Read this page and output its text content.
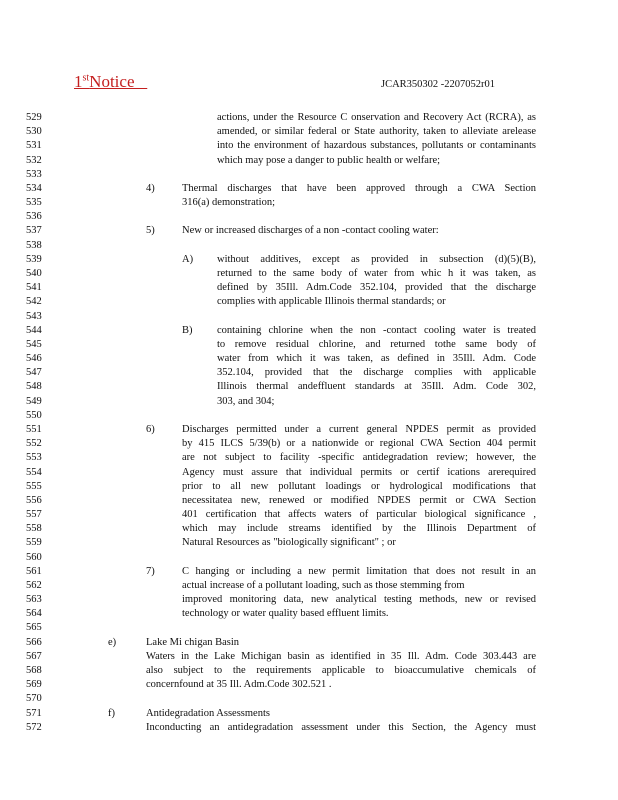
1stNotice	JCAR350302 -2207052r01
529	actions, under the Resource C onservation and Recovery Act (RCRA), as
530	amended, or similar federal or State authority, taken to alleviate arelease
531	into the environment of hazardous substances, pollutants or contaminants
532	which may pose a danger to public health or welfare;
533
534	4)	Thermal discharges that have been approved through a CWA Section
535	316(a) demonstration;
536
537	5)	New or increased discharges of a non -contact cooling water:
538
539	A) without additives, except as provided in subsection (d)(5)(B),
540	returned to the same body of water from whic h it was taken, as
541	defined by 35Ill. Adm.Code 352.104, provided that the discharge
542	complies with applicable Illinois thermal standards; or
543
544	B) containing chlorine when the non -contact cooling water is treated
545	to remove residual chlorine, and returned tothe same body of
546	water from which it was taken, as defined in 35Ill. Adm. Code
547	352.104, provided that the discharge complies with applicable
548	Illinois thermal andeffluent standards at 35Ill. Adm. Code 302,
549	303, and 304;
550
551	6)	Discharges permitted under a current general NPDES permit as provided
552	by 415 ILCS 5/39(b) or a nationwide or regional CWA Section 404 permit
553	are not subject to facility -specific antidegradation review; however, the
554	Agency must assure that individual permits or certif ications arerequired
555	prior to all new pollutant loadings or hydrological modifications that
556	necessitatea new, renewed or modified NPDES permit or CWA Section
557	401 certification that affects waters of particular biological significance ,
558	which may include streams identified by the Illinois Department of
559	Natural Resources as "biologically significant" ; or
560
561	7)	C hanging or including a new permit limitation that does not result in an
562	actual increase of a pollutant loading, such as those stemming from
563	improved monitoring data, new analytical testing methods, new or revised
564	technology or water quality based effluent limits.
565
566	e)	Lake Mi chigan Basin
567	Waters in the Lake Michigan basin as identified in 35 Ill. Adm. Code 303.443 are
568	also subject to the requirements applicable to bioaccumulative chemicals of
569	concernfound at 35 Ill. Adm.Code 302.521 .
570
571	f)	Antidegradation Assessments
572	Inconducting an antidegradation assessment under this Section, the Agency must
